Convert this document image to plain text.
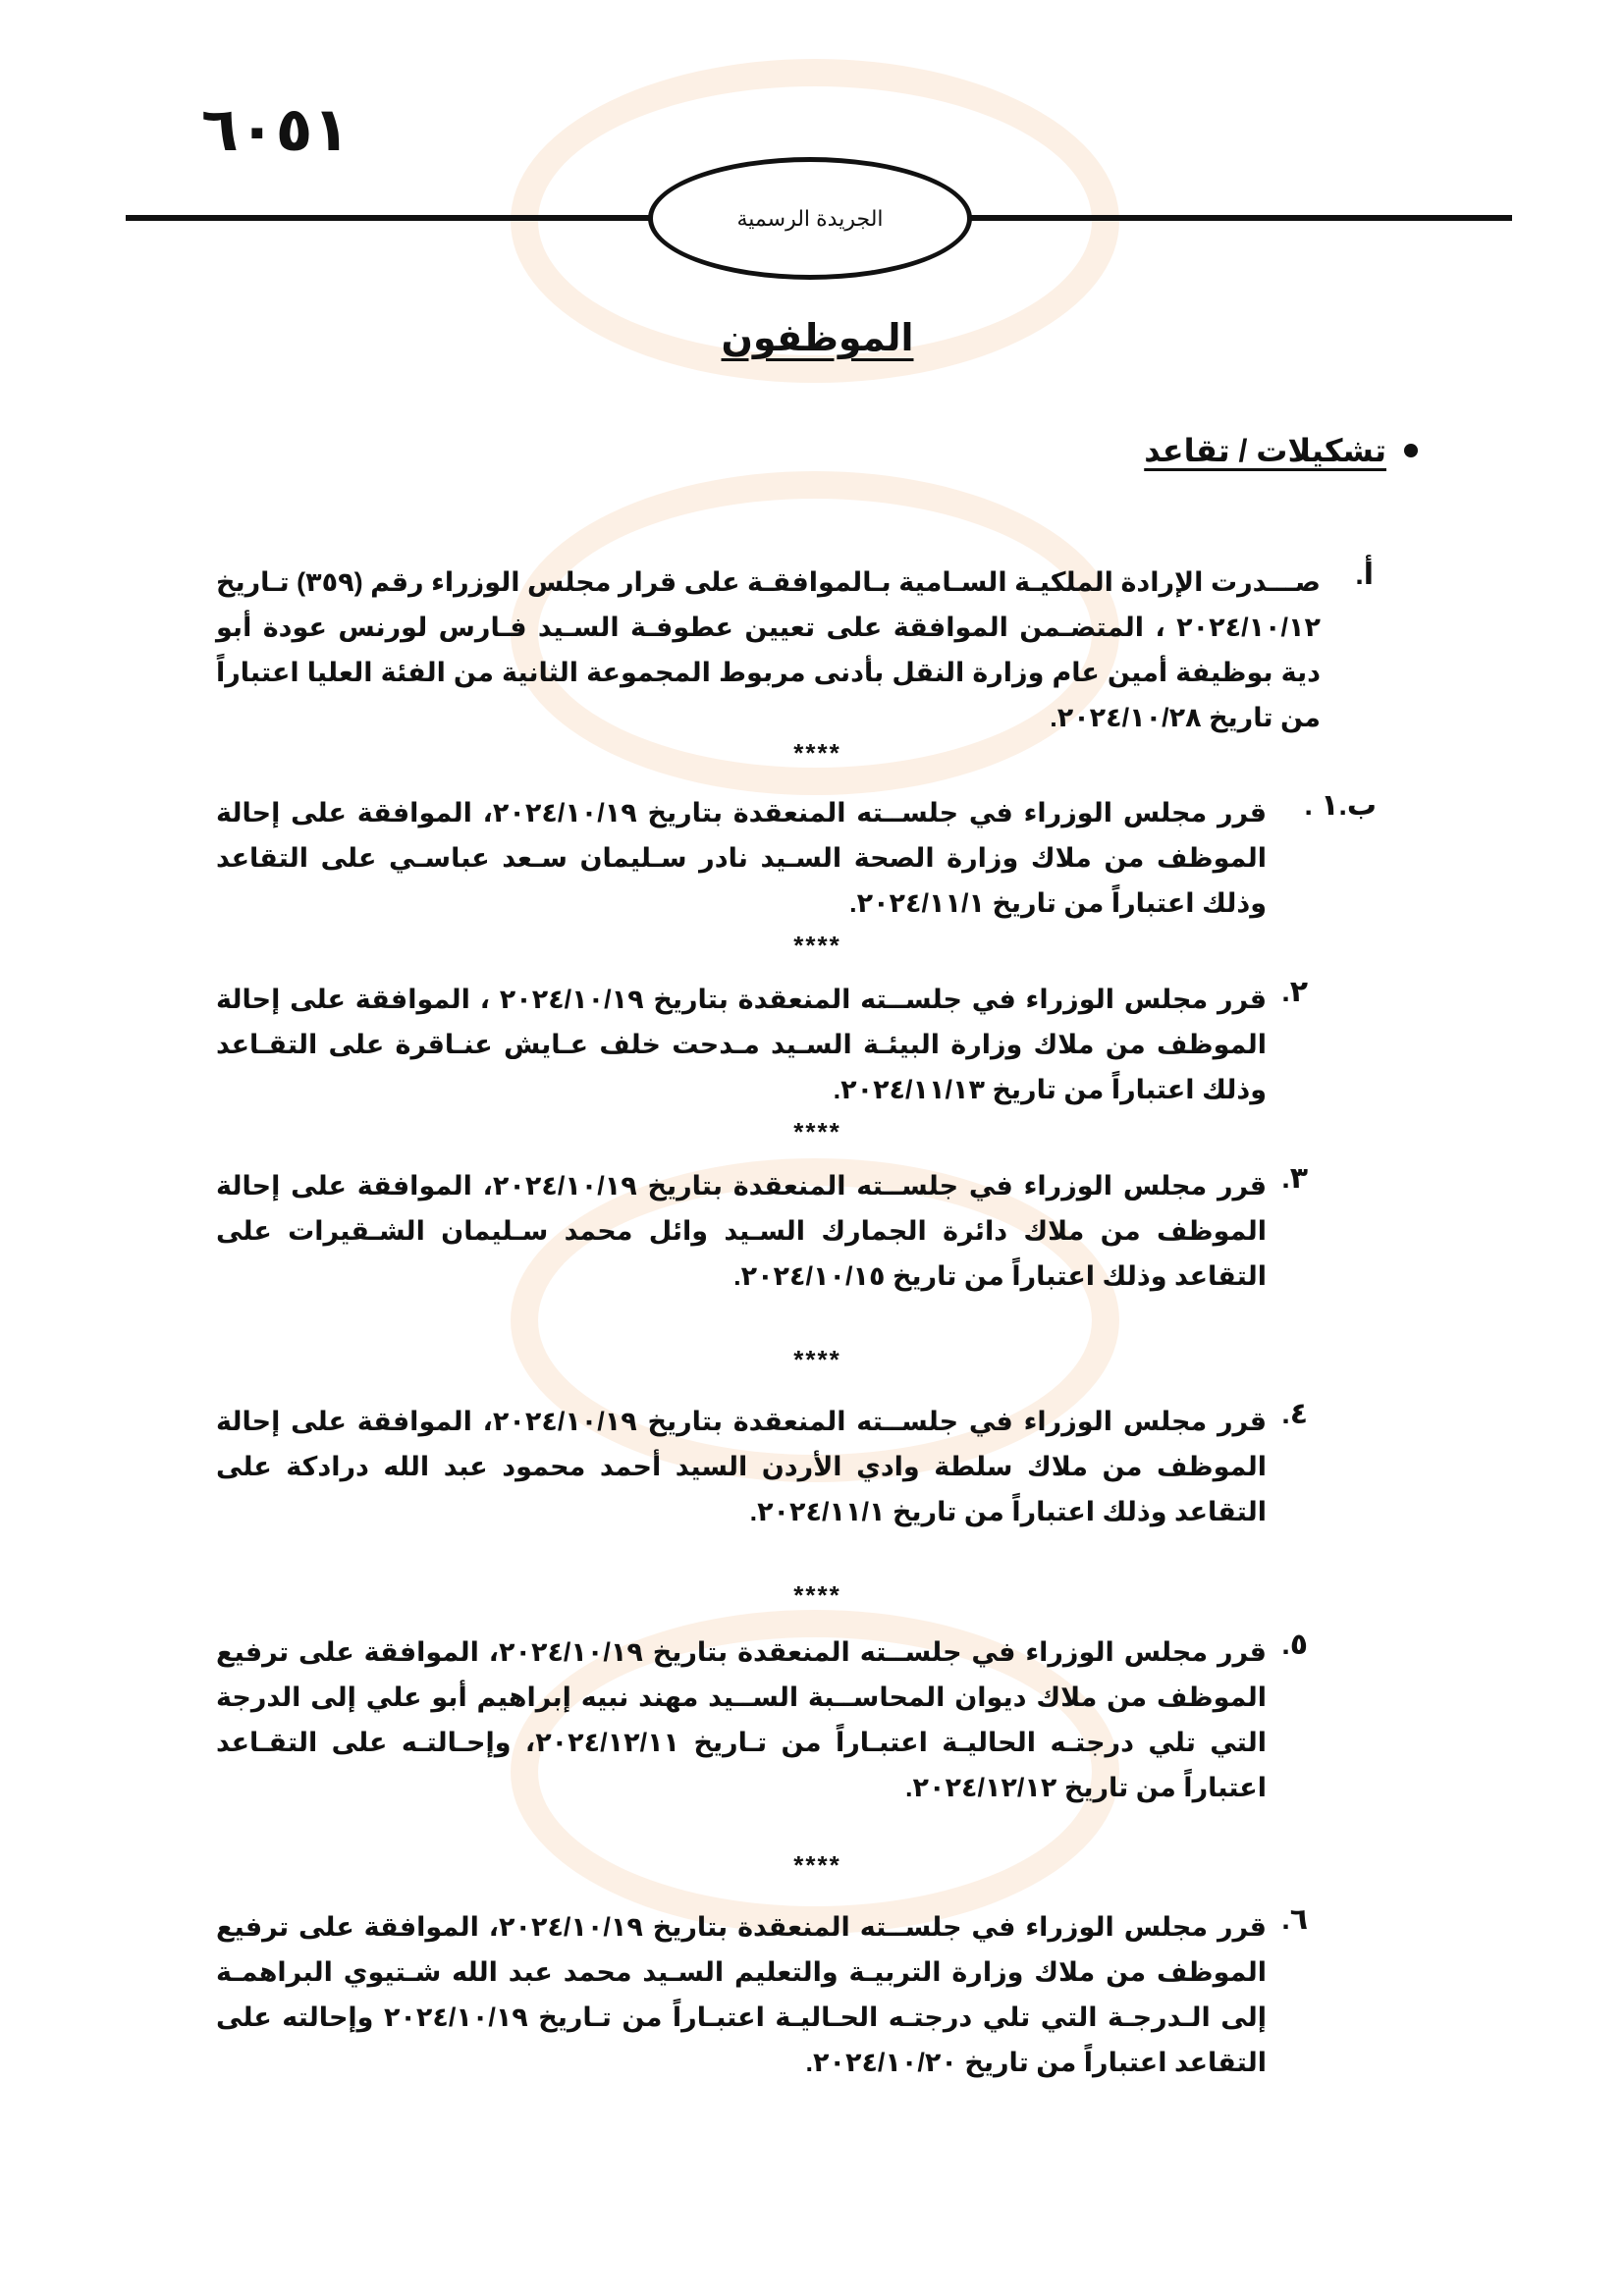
٦٠٥١
الجريدة الرسمية
الموظفون
تشكيلات / تقاعد
أ.
صـــدرت الإرادة الملكيـة السـامية بـالموافقـة على قرار مجلس الوزراء رقم (٣٥٩) تـاريخ ٢٠٢٤/١٠/١٢ ، المتضـمن الموافقة على تعيين عطوفـة السـيد فـارس لورنس عودة أبو دية بوظيفة أمين عام وزارة النقل بأدنى مربوط المجموعة الثانية من الفئة العليا اعتباراً من تاريخ ٢٠٢٤/١٠/٢٨.
****
ب.١ .
قرر مجلس الوزراء في جلســته المنعقدة بتاريخ ٢٠٢٤/١٠/١٩، الموافقة على إحالة الموظف من ملاك وزارة الصحة السـيد نادر سـليمان سـعد عباسـي على التقاعد وذلك اعتباراً من تاريخ ٢٠٢٤/١١/١.
****
٢.
قرر مجلس الوزراء في جلســته المنعقدة بتاريخ ٢٠٢٤/١٠/١٩ ، الموافقة على إحالة الموظف من ملاك وزارة البيئـة السـيد مـدحت خلف عـايش عنـاقرة على التقـاعد وذلك اعتباراً من تاريخ ٢٠٢٤/١١/١٣.
****
٣.
قرر مجلس الوزراء في جلســته المنعقدة بتاريخ ٢٠٢٤/١٠/١٩، الموافقة على إحالة الموظف من ملاك دائرة الجمارك السـيد وائل محمد سـليمان الشـقيرات على التقاعد وذلك اعتباراً من تاريخ ٢٠٢٤/١٠/١٥.
****
٤.
قرر مجلس الوزراء في جلســته المنعقدة بتاريخ ٢٠٢٤/١٠/١٩، الموافقة على إحالة الموظف من ملاك سلطة وادي الأردن السيد أحمد محمود عبد الله درادكة على التقاعد وذلك اعتباراً من تاريخ ٢٠٢٤/١١/١.
****
٥.
قرر مجلس الوزراء في جلســته المنعقدة بتاريخ ٢٠٢٤/١٠/١٩، الموافقة على ترفيع الموظف من ملاك ديوان المحاســبة الســيد مهند نبيه إبراهيم أبو علي إلى الدرجة التي تلي درجتـه الحاليـة اعتبـاراً من تـاريخ ٢٠٢٤/١٢/١١، وإحـالتـه على التقـاعد اعتباراً من تاريخ ٢٠٢٤/١٢/١٢.
****
٦.
قرر مجلس الوزراء في جلســته المنعقدة بتاريخ ٢٠٢٤/١٠/١٩، الموافقة على ترفيع الموظف من ملاك وزارة التربيـة والتعليم السـيد محمد عبد الله شـتيوي البراهمـة إلى الـدرجـة التي تلي درجتـه الحـاليـة اعتبـاراً من تـاريخ ٢٠٢٤/١٠/١٩ وإحالته على التقاعد اعتباراً من تاريخ ٢٠٢٤/١٠/٢٠.
